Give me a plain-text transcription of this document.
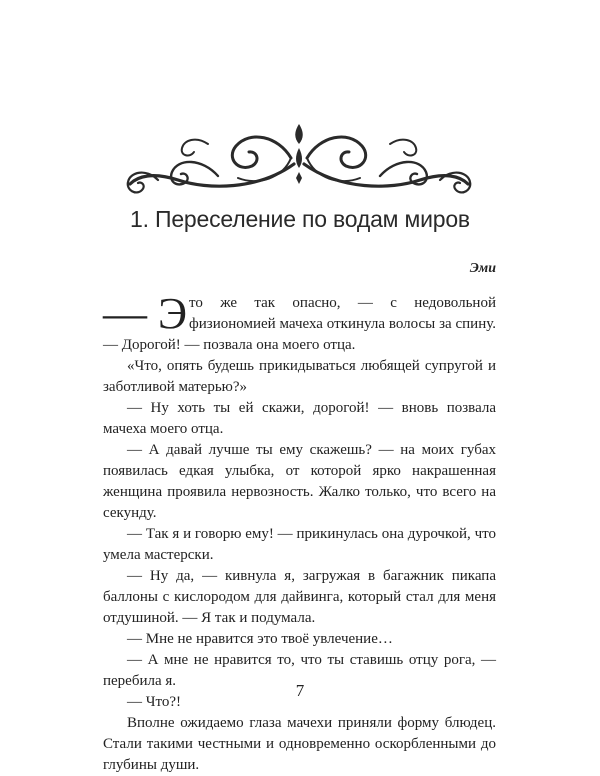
1. Переселение по водам миров
Эми

— Э то же так опасно, — с недовольной физиономией мачеха откинула волосы за спину. — Дорогой! — позвала она моего отца.

«Что, опять будешь прикидываться любящей супругой и заботливой матерью?»

— Ну хоть ты ей скажи, дорогой! — вновь позвала мачеха моего отца.

— А давай лучше ты ему скажешь? — на моих губах появилась едкая улыбка, от которой ярко накрашенная женщина проявила нервозность. Жалко только, что всего на секунду.

— Так я и говорю ему! — прикинулась она дурочкой, что умела мастерски.

— Ну да, — кивнула я, загружая в багажник пикапа баллоны с кислородом для дайвинга, который стал для меня отдушиной. — Я так и подумала.

— Мне не нравится это твоё увлечение…

— А мне не нравится то, что ты ставишь отцу рога, — перебила я.

— Что?!

Вполне ожидаемо глаза мачехи приняли форму блюдец. Стали такими честными и одновременно оскорбленными до глубины души.

7
